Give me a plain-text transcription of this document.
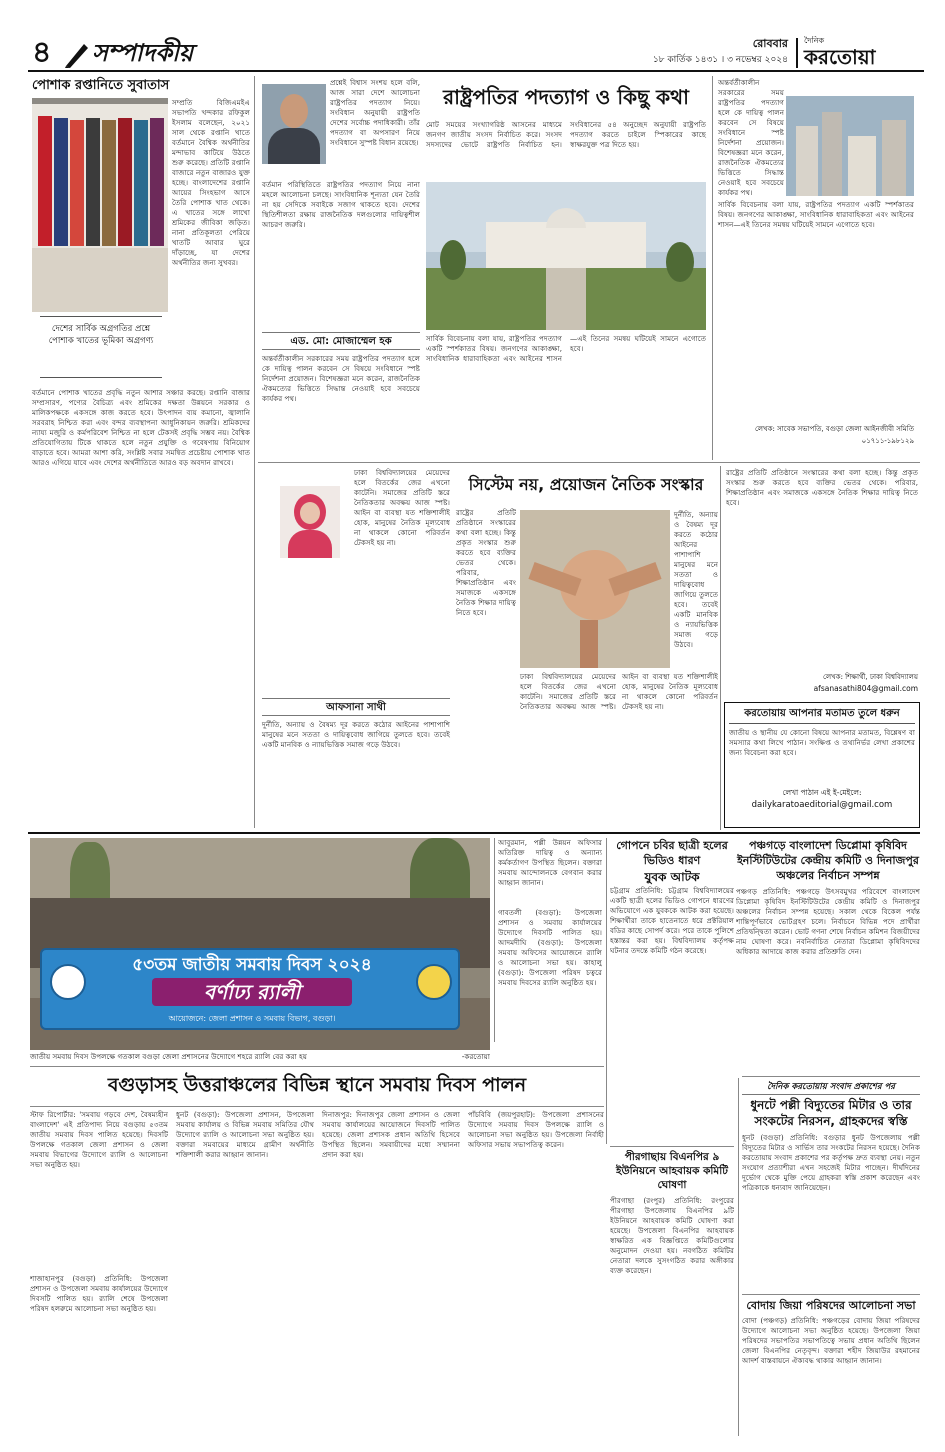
৪ সম্পাদকীয়	রোববার
১৮ কার্তিক ১৪৩১ । ৩ নভেম্বর ২০২৪
দৈনিক
করতোয়া
পোশাক রপ্তানিতে সুবাতাস
সম্প্রতি বিজিএমইএ সভাপতি খন্দকার রফিকুল ইসলাম বলেছেন, ২০২১ সাল থেকে রপ্তানি খাতে বর্তমানে বৈশ্বিক অর্থনীতির মন্দাভাব কাটিয়ে উঠতে শুরু করেছে। প্রতিটি রপ্তানি বাজারে নতুন বাজারও যুক্ত হচ্ছে। বাংলাদেশের রপ্তানি আয়ের সিংহভাগ আসে তৈরি পোশাক খাত থেকে। এ খাতের সঙ্গে লাখো শ্রমিকের জীবিকা জড়িত। নানা প্রতিকূলতা পেরিয়ে খাতটি আবার ঘুরে দাঁড়াচ্ছে, যা দেশের অর্থনীতির জন্য সুখবর।
দেশের সার্বিক অগ্রগতির প্রশ্নে পোশাক খাতের ভূমিকা অগ্রগণ্য
বর্তমানে পোশাক খাতের প্রবৃদ্ধি নতুন আশার সঞ্চার করছে। রপ্তানি বাজার সম্প্রসারণ, পণ্যের বৈচিত্র্য এবং শ্রমিকের দক্ষতা উন্নয়নে সরকার ও মালিকপক্ষকে একসঙ্গে কাজ করতে হবে। উৎপাদন ব্যয় কমানো, জ্বালানি সরবরাহ নিশ্চিত করা এবং বন্দর ব্যবস্থাপনা আধুনিকায়ন জরুরি। শ্রমিকদের ন্যায্য মজুরি ও কর্মপরিবেশ নিশ্চিত না হলে টেকসই প্রবৃদ্ধি সম্ভব নয়। বৈশ্বিক প্রতিযোগিতায় টিকে থাকতে হলে নতুন প্রযুক্তি ও গবেষণায় বিনিয়োগ বাড়াতে হবে। আমরা আশা করি, সংশ্লিষ্ট সবার সমন্বিত প্রচেষ্টায় পোশাক খাত আরও এগিয়ে যাবে এবং দেশের অর্থনীতিতে আরও বড় অবদান রাখবে।
প্রশ্নেই বিশ্বাস সংশয় হলে বলি, আজ সারা দেশে আলোচনা রাষ্ট্রপতির পদত্যাগ নিয়ে। সংবিধান অনুযায়ী রাষ্ট্রপতি দেশের সর্বোচ্চ পদাধিকারী। তাঁর পদত্যাগ বা অপসারণ নিয়ে সংবিধানে সুস্পষ্ট বিধান রয়েছে।
বর্তমান পরিস্থিতিতে রাষ্ট্রপতির পদত্যাগ নিয়ে নানা মহলে আলোচনা চলছে। সাংবিধানিক শূন্যতা যেন তৈরি না হয় সেদিকে সবাইকে সজাগ থাকতে হবে। দেশের স্থিতিশীলতা রক্ষায় রাজনৈতিক দলগুলোর দায়িত্বশীল আচরণ জরুরি।
এড. মো: মোজাম্মেল হক
অন্তর্বর্তীকালীন সরকারের সময় রাষ্ট্রপতির পদত্যাগ হলে কে দায়িত্ব পালন করবেন সে বিষয়ে সংবিধানে স্পষ্ট নির্দেশনা প্রয়োজন। বিশেষজ্ঞরা মনে করেন, রাজনৈতিক ঐকমত্যের ভিত্তিতে সিদ্ধান্ত নেওয়াই হবে সবচেয়ে কার্যকর পথ।
রাষ্ট্রপতির পদত্যাগ ও কিছু কথা
মোট সময়ের সংখ্যাগরিষ্ঠ আসনের মাধ্যমে জনগণ জাতীয় সংসদ নির্বাচিত করে। সংসদ সদস্যদের ভোটে রাষ্ট্রপতি নির্বাচিত হন। সংবিধানের ৫৪ অনুচ্ছেদ অনুযায়ী রাষ্ট্রপতি পদত্যাগ করতে চাইলে স্পিকারের কাছে স্বাক্ষরযুক্ত পত্র দিতে হয়।
সার্বিক বিবেচনায় বলা যায়, রাষ্ট্রপতির পদত্যাগ একটি স্পর্শকাতর বিষয়। জনগণের আকাঙ্ক্ষা, সাংবিধানিক ধারাবাহিকতা এবং আইনের শাসন—এই তিনের সমন্বয় ঘটিয়েই সামনে এগোতে হবে।
অন্তর্বর্তীকালীন সরকারের সময় রাষ্ট্রপতির পদত্যাগ হলে কে দায়িত্ব পালন করবেন সে বিষয়ে সংবিধানে স্পষ্ট নির্দেশনা প্রয়োজন। বিশেষজ্ঞরা মনে করেন, রাজনৈতিক ঐকমত্যের ভিত্তিতে সিদ্ধান্ত নেওয়াই হবে সবচেয়ে কার্যকর পথ।
সার্বিক বিবেচনায় বলা যায়, রাষ্ট্রপতির পদত্যাগ একটি স্পর্শকাতর বিষয়। জনগণের আকাঙ্ক্ষা, সাংবিধানিক ধারাবাহিকতা এবং আইনের শাসন—এই তিনের সমন্বয় ঘটিয়েই সামনে এগোতে হবে।
লেখক: সাবেক সভাপতি, বগুড়া জেলা আইনজীবী সমিতি
০১৭১১-১৯৮১২৯
ঢাকা বিশ্ববিদ্যালয়ের মেয়েদের হলে বিতর্কের জের এখনো কাটেনি। সমাজের প্রতিটি স্তরে নৈতিকতার অবক্ষয় আজ স্পষ্ট। আইন বা ব্যবস্থা যত শক্তিশালীই হোক, মানুষের নৈতিক মূল্যবোধ না থাকলে কোনো পরিবর্তন টেকসই হয় না।
আফসানা সাথী
দুর্নীতি, অন্যায় ও বৈষম্য দূর করতে কঠোর আইনের পাশাপাশি মানুষের মনে সততা ও দায়িত্ববোধ জাগিয়ে তুলতে হবে। তবেই একটি মানবিক ও ন্যায়ভিত্তিক সমাজ গড়ে উঠবে।
সিস্টেম নয়, প্রয়োজন নৈতিক সংস্কার
রাষ্ট্রের প্রতিটি প্রতিষ্ঠানে সংস্কারের কথা বলা হচ্ছে। কিন্তু প্রকৃত সংস্কার শুরু করতে হবে ব্যক্তির ভেতর থেকে। পরিবার, শিক্ষাপ্রতিষ্ঠান এবং সমাজকে একসঙ্গে নৈতিক শিক্ষার দায়িত্ব নিতে হবে।
দুর্নীতি, অন্যায় ও বৈষম্য দূর করতে কঠোর আইনের পাশাপাশি মানুষের মনে সততা ও দায়িত্ববোধ জাগিয়ে তুলতে হবে। তবেই একটি মানবিক ও ন্যায়ভিত্তিক সমাজ গড়ে উঠবে।
ঢাকা বিশ্ববিদ্যালয়ের মেয়েদের হলে বিতর্কের জের এখনো কাটেনি। সমাজের প্রতিটি স্তরে নৈতিকতার অবক্ষয় আজ স্পষ্ট। আইন বা ব্যবস্থা যত শক্তিশালীই হোক, মানুষের নৈতিক মূল্যবোধ না থাকলে কোনো পরিবর্তন টেকসই হয় না।
রাষ্ট্রের প্রতিটি প্রতিষ্ঠানে সংস্কারের কথা বলা হচ্ছে। কিন্তু প্রকৃত সংস্কার শুরু করতে হবে ব্যক্তির ভেতর থেকে। পরিবার, শিক্ষাপ্রতিষ্ঠান এবং সমাজকে একসঙ্গে নৈতিক শিক্ষার দায়িত্ব নিতে হবে।
লেখক: শিক্ষার্থী, ঢাকা বিশ্ববিদ্যালয়
afsanasathi804@gmail.com
করতোয়ায় আপনার মতামত তুলে ধরুন
জাতীয় ও স্থানীয় যে কোনো বিষয়ে আপনার মতামত, বিশ্লেষণ বা সমস্যার কথা লিখে পাঠান। সংক্ষিপ্ত ও তথ্যনির্ভর লেখা প্রকাশের জন্য বিবেচনা করা হবে।
লেখা পাঠান এই ই-মেইলে:
dailykaratoaeditorial@gmail.com
৫৩তম জাতীয় সমবায় দিবস ২০২৪
বর্ণাঢ্য র‌্যালী
আয়োজনে: জেলা প্রশাসন ও সমবায় বিভাগ, বগুড়া।
জাতীয় সমবায় দিবস উপলক্ষে গতকাল বগুড়া জেলা প্রশাসনের উদ্যোগে শহরে র‌্যালি বের করা হয়	-করতোয়া
আবুরমান, পল্লী উন্নয়ন অফিসার অতিরিক্ত দায়িত্ব ও অন্যান্য কর্মকর্তাগণ উপস্থিত ছিলেন। বক্তারা সমবায় আন্দোলনকে বেগবান করার আহ্বান জানান।
গাবতলী (বগুড়া): উপজেলা প্রশাসন ও সমবায় কার্যালয়ের উদ্যোগে দিবসটি পালিত হয়। আদমদীঘি (বগুড়া): উপজেলা সমবায় অফিসের আয়োজনে র‌্যালি ও আলোচনা সভা হয়। কাহালু (বগুড়া): উপজেলা পরিষদ চত্বরে সমবায় দিবসের র‌্যালি অনুষ্ঠিত হয়।
গোপনে চবির ছাত্রী হলের ভিডিও ধারণ
যুবক আটক
চট্টগ্রাম প্রতিনিধি: চট্টগ্রাম বিশ্ববিদ্যালয়ের একটি ছাত্রী হলের ভিডিও গোপনে ধারণের অভিযোগে এক যুবককে আটক করা হয়েছে। শিক্ষার্থীরা তাকে হাতেনাতে ধরে প্রক্টরিয়াল বডির কাছে সোপর্দ করে। পরে তাকে পুলিশে হস্তান্তর করা হয়। বিশ্ববিদ্যালয় কর্তৃপক্ষ ঘটনার তদন্তে কমিটি গঠন করেছে।
পঞ্চগড়ে বাংলাদেশ ডিপ্লোমা কৃষিবিদ ইনস্টিটিউটের কেন্দ্রীয় কমিটি ও দিনাজপুর অঞ্চলের নির্বাচন সম্পন্ন
পঞ্চগড় প্রতিনিধি: পঞ্চগড়ে উৎসবমুখর পরিবেশে বাংলাদেশ ডিপ্লোমা কৃষিবিদ ইনস্টিটিউটের কেন্দ্রীয় কমিটি ও দিনাজপুর অঞ্চলের নির্বাচন সম্পন্ন হয়েছে। সকাল থেকে বিকেল পর্যন্ত শান্তিপূর্ণভাবে ভোটগ্রহণ চলে। নির্বাচনে বিভিন্ন পদে প্রার্থীরা প্রতিদ্বন্দ্বিতা করেন। ভোট গণনা শেষে নির্বাচন কমিশন বিজয়ীদের নাম ঘোষণা করে। নবনির্বাচিত নেতারা ডিপ্লোমা কৃষিবিদদের অধিকার আদায়ে কাজ করার প্রতিশ্রুতি দেন।
বগুড়াসহ উত্তরাঞ্চলের বিভিন্ন স্থানে সমবায় দিবস পালন
স্টাফ রিপোর্টার: 'সমবায় গড়বে দেশ, বৈষম্যহীন বাংলাদেশ' এই প্রতিপাদ্য নিয়ে বগুড়ায় ৫৩তম জাতীয় সমবায় দিবস পালিত হয়েছে। দিবসটি উপলক্ষে গতকাল জেলা প্রশাসন ও জেলা সমবায় বিভাগের উদ্যোগে র‌্যালি ও আলোচনা সভা অনুষ্ঠিত হয়।
শাজাহানপুর (বগুড়া) প্রতিনিধি: উপজেলা প্রশাসন ও উপজেলা সমবায় কার্যালয়ের উদ্যোগে দিবসটি পালিত হয়। র‌্যালি শেষে উপজেলা পরিষদ হলরুমে আলোচনা সভা অনুষ্ঠিত হয়।
ধুনট (বগুড়া): উপজেলা প্রশাসন, উপজেলা সমবায় কার্যালয় ও বিভিন্ন সমবায় সমিতির যৌথ উদ্যোগে র‌্যালি ও আলোচনা সভা অনুষ্ঠিত হয়। বক্তারা সমবায়ের মাধ্যমে গ্রামীণ অর্থনীতি শক্তিশালী করার আহ্বান জানান।
দিনাজপুর: দিনাজপুর জেলা প্রশাসন ও জেলা সমবায় কার্যালয়ের আয়োজনে দিবসটি পালিত হয়েছে। জেলা প্রশাসক প্রধান অতিথি হিসেবে উপস্থিত ছিলেন। সমবায়ীদের মধ্যে সম্মাননা প্রদান করা হয়।
পাঁচবিবি (জয়পুরহাট): উপজেলা প্রশাসনের উদ্যোগে সমবায় দিবস উপলক্ষে র‌্যালি ও আলোচনা সভা অনুষ্ঠিত হয়। উপজেলা নির্বাহী অফিসার সভায় সভাপতিত্ব করেন।
পীরগাছায় বিএনপির ৯ ইউনিয়নে আহবায়ক কমিটি ঘোষণা
পীরগাছা (রংপুর) প্রতিনিধি: রংপুরের পীরগাছা উপজেলায় বিএনপির ৯টি ইউনিয়নে আহবায়ক কমিটি ঘোষণা করা হয়েছে। উপজেলা বিএনপির আহবায়ক স্বাক্ষরিত এক বিজ্ঞপ্তিতে কমিটিগুলোর অনুমোদন দেওয়া হয়। নবগঠিত কমিটির নেতারা দলকে সুসংগঠিত করার অঙ্গীকার ব্যক্ত করেছেন।
দৈনিক করতোয়ায় সংবাদ প্রকাশের পর
ধুনটে পল্লী বিদ্যুতের মিটার ও তার সংকটের নিরসন, গ্রাহকদের স্বস্তি
ধুনট (বগুড়া) প্রতিনিধি: বগুড়ার ধুনট উপজেলায় পল্লী বিদ্যুতের মিটার ও সার্ভিস তার সংকটের নিরসন হয়েছে। দৈনিক করতোয়ায় সংবাদ প্রকাশের পর কর্তৃপক্ষ দ্রুত ব্যবস্থা নেয়। নতুন সংযোগ প্রত্যাশীরা এখন সহজেই মিটার পাচ্ছেন। দীর্ঘদিনের দুর্ভোগ থেকে মুক্তি পেয়ে গ্রাহকরা স্বস্তি প্রকাশ করেছেন এবং পত্রিকাকে ধন্যবাদ জানিয়েছেন।
বোদায় জিয়া পরিষদের আলোচনা সভা
বোদা (পঞ্চগড়) প্রতিনিধি: পঞ্চগড়ের বোদায় জিয়া পরিষদের উদ্যোগে আলোচনা সভা অনুষ্ঠিত হয়েছে। উপজেলা জিয়া পরিষদের সভাপতির সভাপতিত্বে সভায় প্রধান অতিথি ছিলেন জেলা বিএনপির নেতৃবৃন্দ। বক্তারা শহীদ জিয়াউর রহমানের আদর্শ বাস্তবায়নে ঐক্যবদ্ধ থাকার আহ্বান জানান।
